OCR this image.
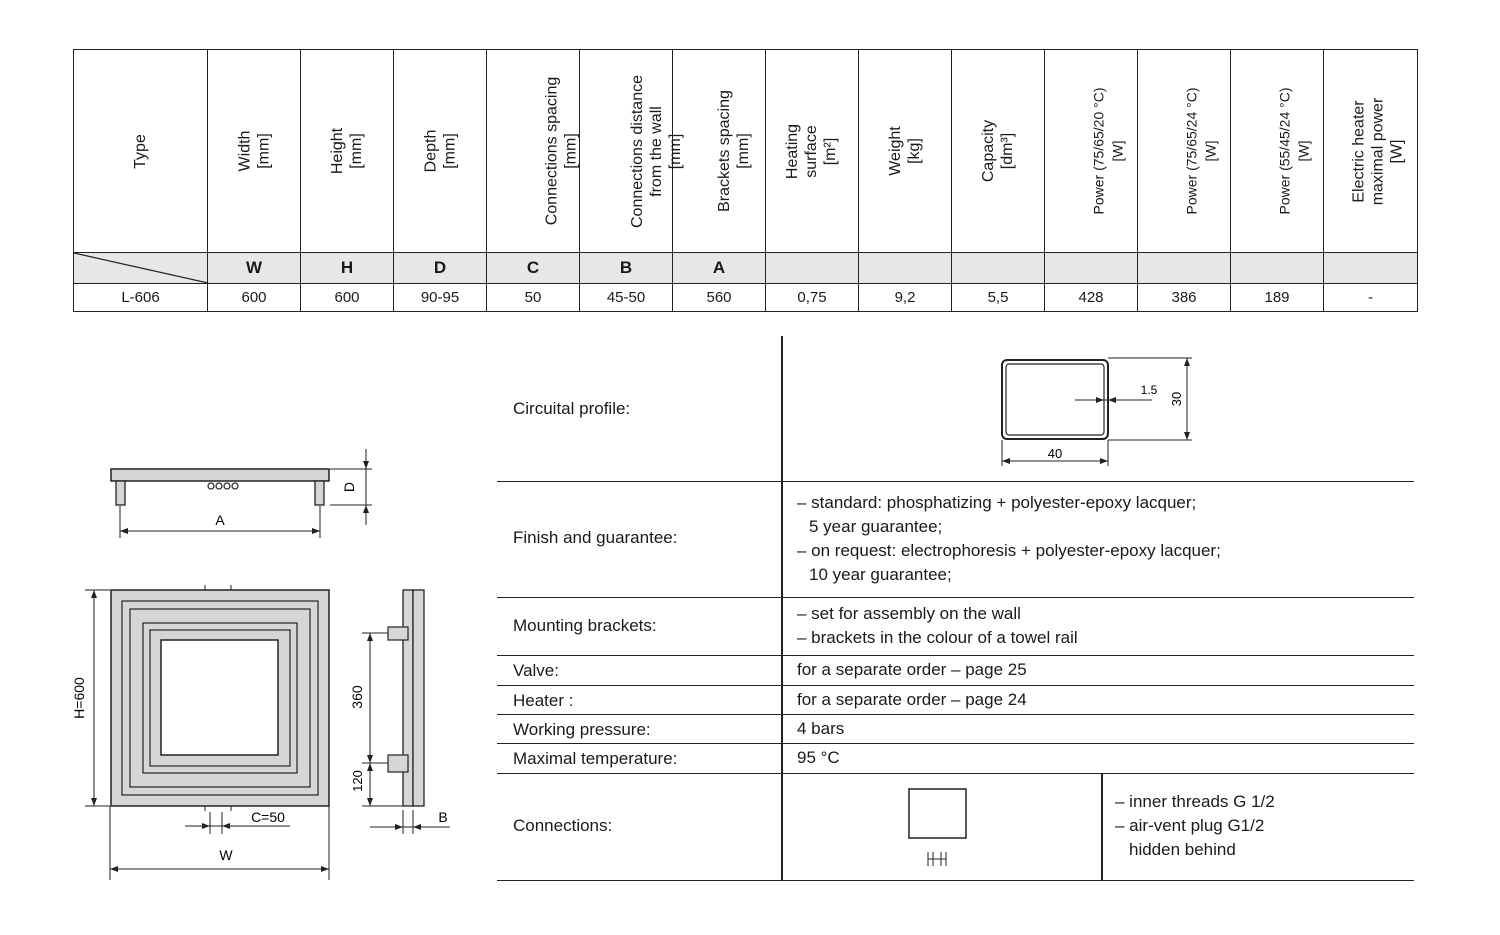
Type	Width [mm]	Height [mm]	Depth [mm]	Connections spacing [mm]	Connections distance from the wall [mm]	Brackets spacing [mm]	Heating surface [m²]	Weight [kg]	Capacity [dm³]	Power (75/65/20 °C) [W]	Power (75/65/24 °C) [W]	Power (55/45/24 °C) [W]	Electric heater maximal power [W]

	W	H	D	C	B	A							
L-606	600	600	90-95	50	45-50	560	0,75	9,2	5,5	428	386	189	-
A
D
H=600
W
C=50
360
120
B
Circuital profile:	30
1.5
40
Finish and guarantee:
– standard: phosphatizing + polyester-epoxy lacquer;
5 year guarantee;
– on request: electrophoresis + polyester-epoxy lacquer;
10 year guarantee;
Mounting brackets:
– set for assembly on the wall
– brackets in the colour of a towel rail
Valve:	for a separate order – page 25
Heater :	for a separate order – page 24
Working pressure:	4 bars
Maximal temperature:	95 °C
Connections:
– inner threads G 1/2
– air-vent plug G1/2
hidden behind
